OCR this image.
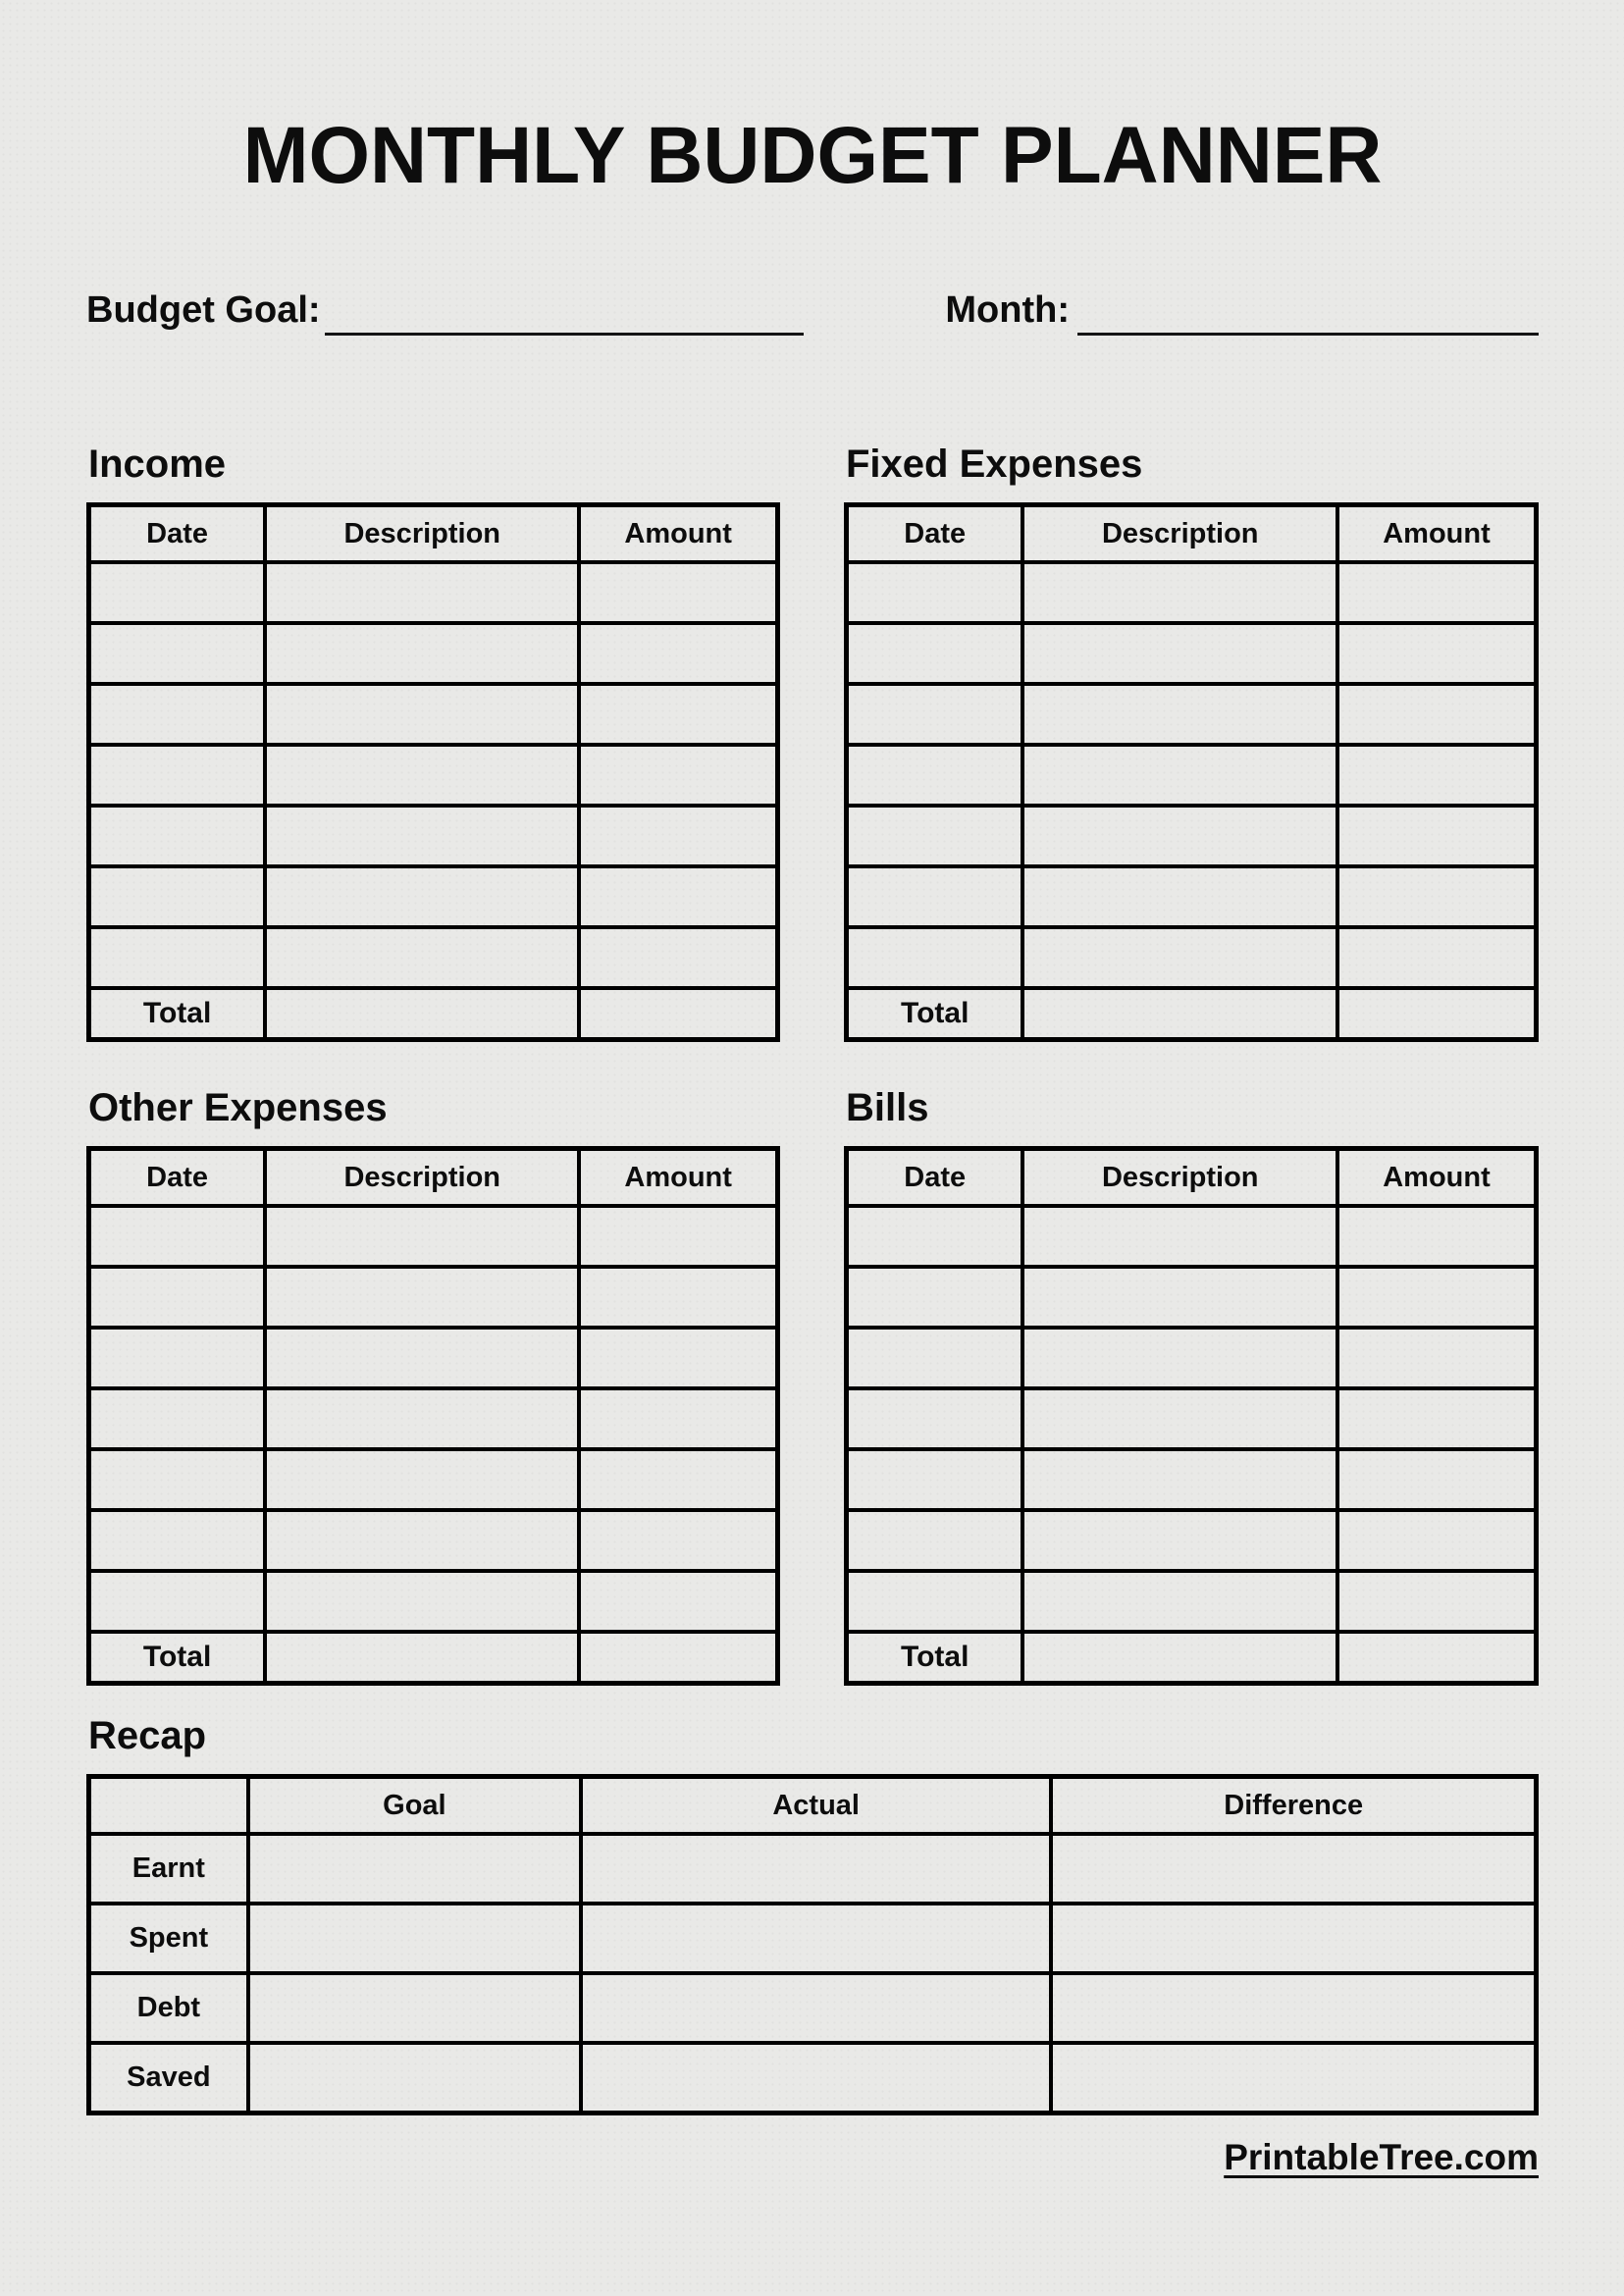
MONTHLY BUDGET PLANNER
Budget Goal:	Month:
Income
Date	Description	Amount

Total		
Fixed Expenses
Date	Description	Amount

Total		
Other Expenses
Date	Description	Amount

Total		
Bills
Date	Description	Amount

Total		
Recap
	Goal	Actual	Difference
Earnt			
Spent			
Debt			
Saved			
PrintableTree.com
